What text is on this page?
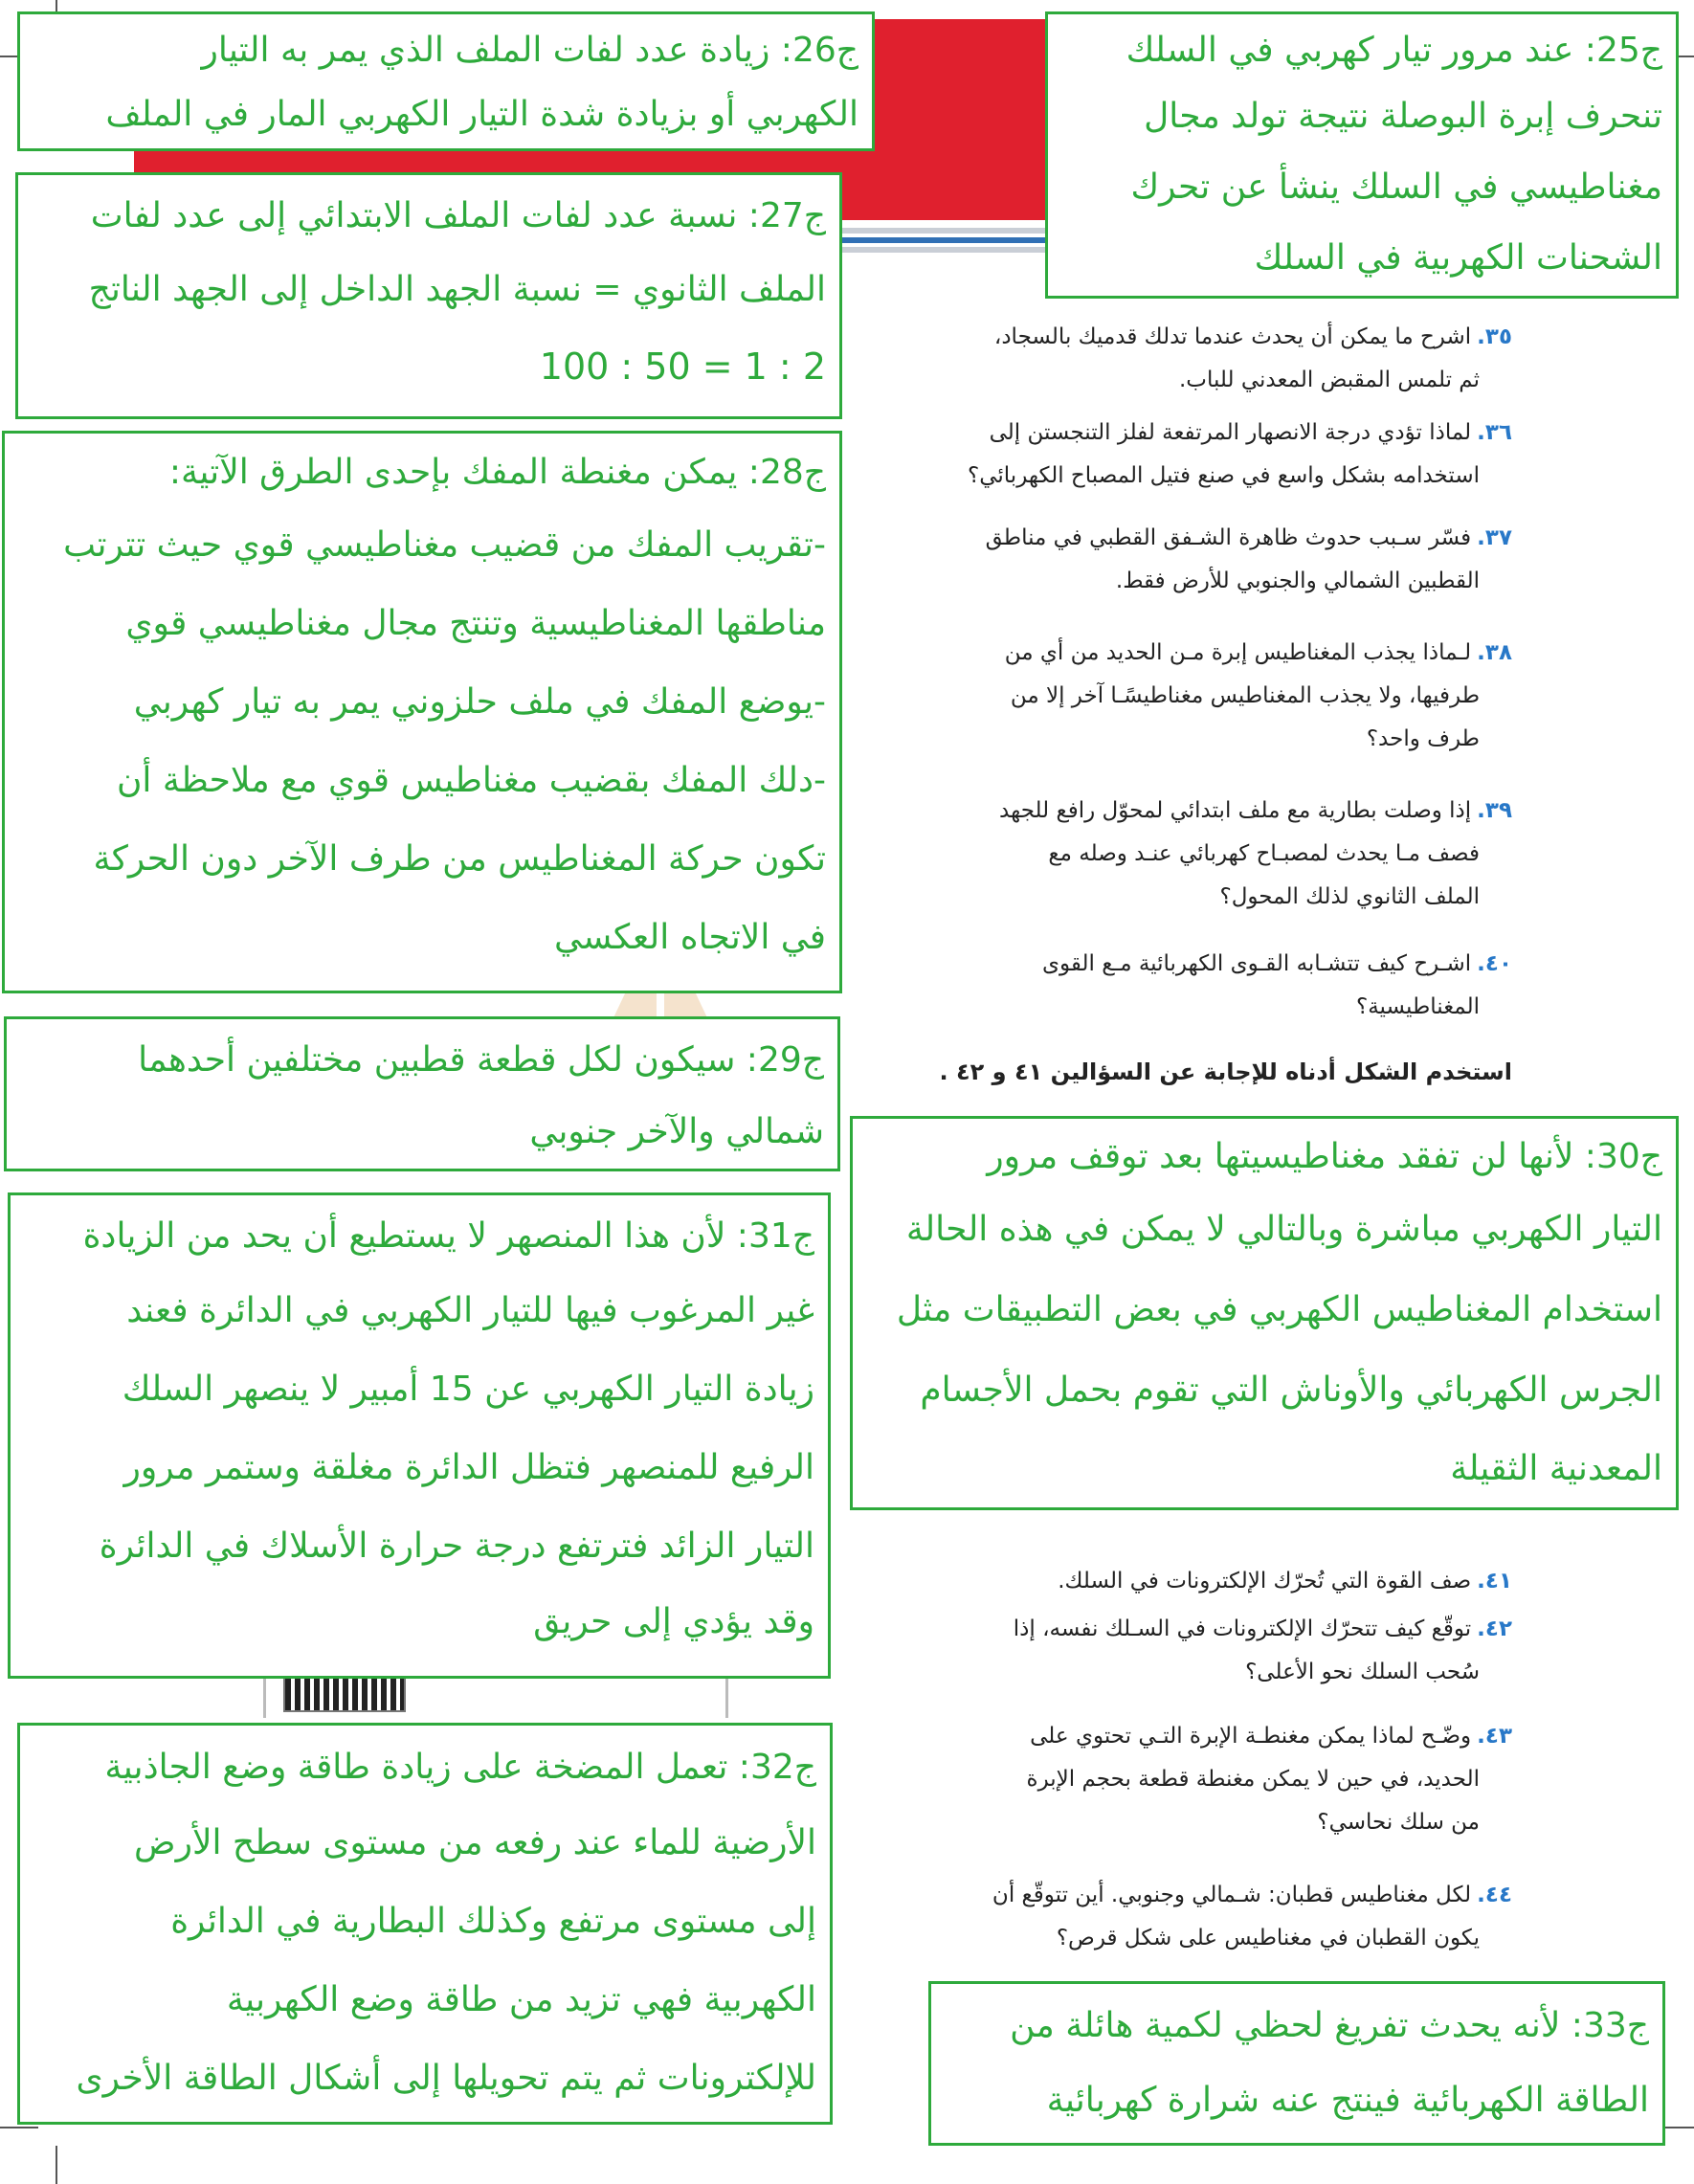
٣٥.اشرح ما يمكن أن يحدث عندما تدلك قدميك بالسجاد،
ثم تلمس المقبض المعدني للباب.
٣٦.لماذا تؤدي درجة الانصهار المرتفعة لفلز التنجستن إلى
استخدامه بشكل واسع في صنع فتيل المصباح الكهربائي؟
٣٧.فسّر سـبب حدوث ظاهرة الشـفق القطبي في مناطق
القطبين الشمالي والجنوبي للأرض فقط.
٣٨.لـماذا يجذب المغناطيس إبرة مـن الحديد من أي من
طرفيها، ولا يجذب المغناطيس مغناطيسًـا آخر إلا من
طرف واحد؟
٣٩.إذا وصلت بطارية مع ملف ابتدائي لمحوّل رافع للجهد
فصف مـا يحدث لمصبـاح كهربائي عنـد وصله مع
الملف الثانوي لذلك المحول؟
٤٠.اشـرح كيف تتشـابه القـوى الكهربائية مـع القوى
المغناطيسية؟
استخدم الشكل أدناه للإجابة عن السؤالين ٤١ و ٤٢ .
٤١.صف القوة التي تُحرّك الإلكترونات في السلك.
٤٢.توقّع كيف تتحرّك الإلكترونات في السـلك نفسه، إذا
سُحب السلك نحو الأعلى؟
٤٣.وضّـح لماذا يمكن مغنطـة الإبرة التـي تحتوي على
الحديد، في حين لا يمكن مغنطة قطعة بحجم الإبرة
من سلك نحاسي؟
٤٤.لكل مغناطيس قطبان: شـمالي وجنوبي. أين تتوقّع أن
يكون القطبان في مغناطيس على شكل قرص؟

ج25: عند مرور تيار كهربي في السلك

تنحرف إبرة البوصلة نتيجة تولد مجال

مغناطيسي في السلك ينشأ عن تحرك

الشحنات الكهربية في السلك

ج26: زيادة عدد لفات الملف الذي يمر به التيار

الكهربي أو بزيادة شدة التيار الكهربي المار في الملف

ج27: نسبة عدد لفات الملف الابتدائي إلى عدد لفات

الملف الثانوي = نسبة الجهد الداخل إلى الجهد الناتج

2 : 1 = 50 : 100

ج28: يمكن مغنطة المفك بإحدى الطرق الآتية:

-تقريب المفك من قضيب مغناطيسي قوي حيث تترتب

مناطقها المغناطيسية وتنتج مجال مغناطيسي قوي

-يوضع المفك في ملف حلزوني يمر به تيار كهربي

-دلك المفك بقضيب مغناطيس قوي مع ملاحظة أن

تكون حركة المغناطيس من طرف الآخر دون الحركة

في الاتجاه العكسي

ج29: سيكون لكل قطعة قطبين مختلفين أحدهما

شمالي والآخر جنوبي

ج30: لأنها لن تفقد مغناطيسيتها بعد توقف مرور

التيار الكهربي مباشرة وبالتالي لا يمكن في هذه الحالة

استخدام المغناطيس الكهربي في بعض التطبيقات مثل

الجرس الكهربائي والأوناش التي تقوم بحمل الأجسام

المعدنية الثقيلة

ج31: لأن هذا المنصهر لا يستطيع أن يحد من الزيادة

غير المرغوب فيها للتيار الكهربي في الدائرة فعند

زيادة التيار الكهربي عن 15 أمبير لا ينصهر السلك

الرفيع للمنصهر فتظل الدائرة مغلقة وستمر مرور

التيار الزائد فترتفع درجة حرارة الأسلاك في الدائرة

وقد يؤدي إلى حريق

ج32: تعمل المضخة على زيادة طاقة وضع الجاذبية

الأرضية للماء عند رفعه من مستوى سطح الأرض

إلى مستوى مرتفع وكذلك البطارية في الدائرة

الكهربية فهي تزيد من طاقة وضع الكهربية

للإلكترونات ثم يتم تحويلها إلى أشكال الطاقة الأخرى

ج33: لأنه يحدث تفريغ لحظي لكمية هائلة من

الطاقة الكهربائية فينتج عنه شرارة كهربائية
